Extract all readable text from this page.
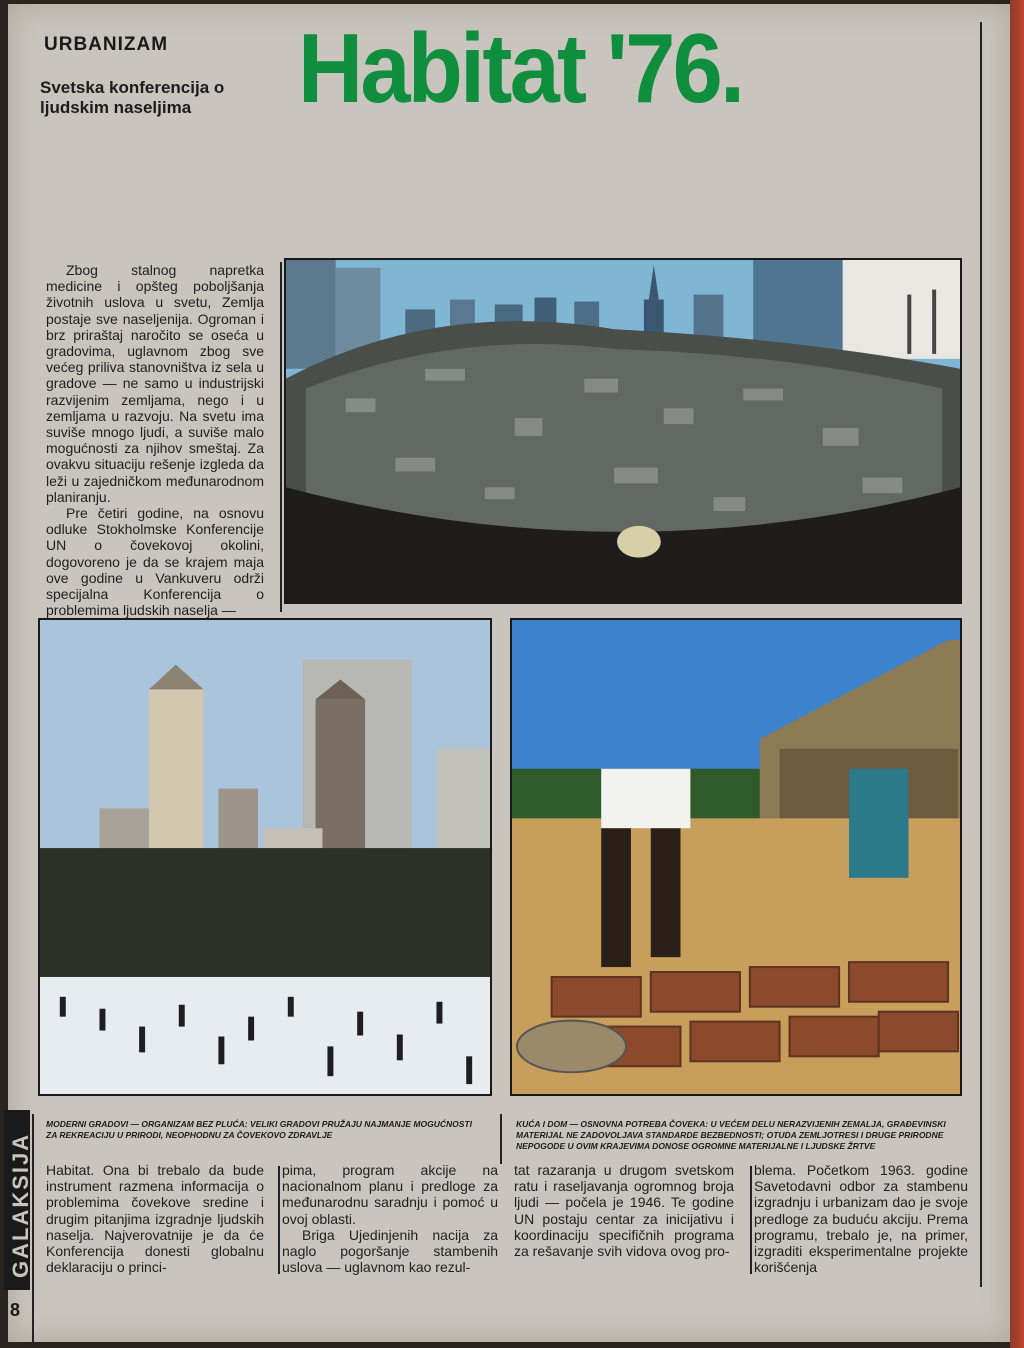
URBANIZAM
Svetska konferencija o ljudskim naseljima	Habitat '76.

Zbog stalnog napretka medicine i opšteg poboljšanja životnih uslova u svetu, Zemlja postaje sve naseljenija. Ogroman i brz priraštaj naročito se oseća u gradovima, uglavnom zbog sve većeg priliva stanovništva iz sela u gradove — ne samo u industrijski razvijenim zemljama, nego i u zemljama u razvoju. Na svetu ima suviše mnogo ljudi, a suviše malo mogućnosti za njihov smeštaj. Za ovakvu situaciju rešenje izgleda da leži u zajedničkom međunarodnom planiranju.

Pre četiri godine, na osnovu odluke Stokholmske Konferencije UN o čovekovoj okolini, dogovoreno je da se krajem maja ove godine u Vankuveru održi specijalna Konferencija o problemima ljudskih naselja —

MODERNI GRADOVI — ORGANIZAM BEZ PLUĆA: VELIKI GRADOVI PRUŽAJU NAJMANJE MOGUĆNOSTI ZA REKREACIJU U PRIRODI, NEOPHODNU ZA ČOVEKOVO ZDRAVLJE
KUĆA I DOM — OSNOVNA POTREBA ČOVEKA: U VEĆEM DELU NERAZVIJENIH ZEMALJA, GRAĐEVINSKI MATERIJAL NE ZADOVOLJAVA STANDARDE BEZBEDNOSTI; OTUDA ZEMLJOTRESI I DRUGE PRIRODNE NEPOGODE U OVIM KRAJEVIMA DONOSE OGROMNE MATERIJALNE I LJUDSKE ŽRTVE
Habitat. Ona bi trebalo da bude instrument razmena informacija o problemima čovekove sredine i drugim pitanjima izgradnje ljudskih naselja. Najverovatnije je da će Konferencija donesti globalnu deklaraciju o princi-
pima, program akcije na nacionalnom planu i predloge za međunarodnu saradnju i pomoć u ovoj oblasti.
Briga Ujedinjenih nacija za naglo pogoršanje stambenih uslova — uglavnom kao rezul-
tat razaranja u drugom svetskom ratu i raseljavanja ogromnog broja ljudi — počela je 1946. Te godine UN postaju centar za inicijativu i koordinaciju specifičnih programa za rešavanje svih vidova ovog pro-
blema. Početkom 1963. godine Savetodavni odbor za stambenu izgradnju i urbanizam dao je svoje predloge za buduću akciju. Prema programu, trebalo je, na primer, izgraditi eksperimentalne projekte korišćenja
GALAKSIJA
8
